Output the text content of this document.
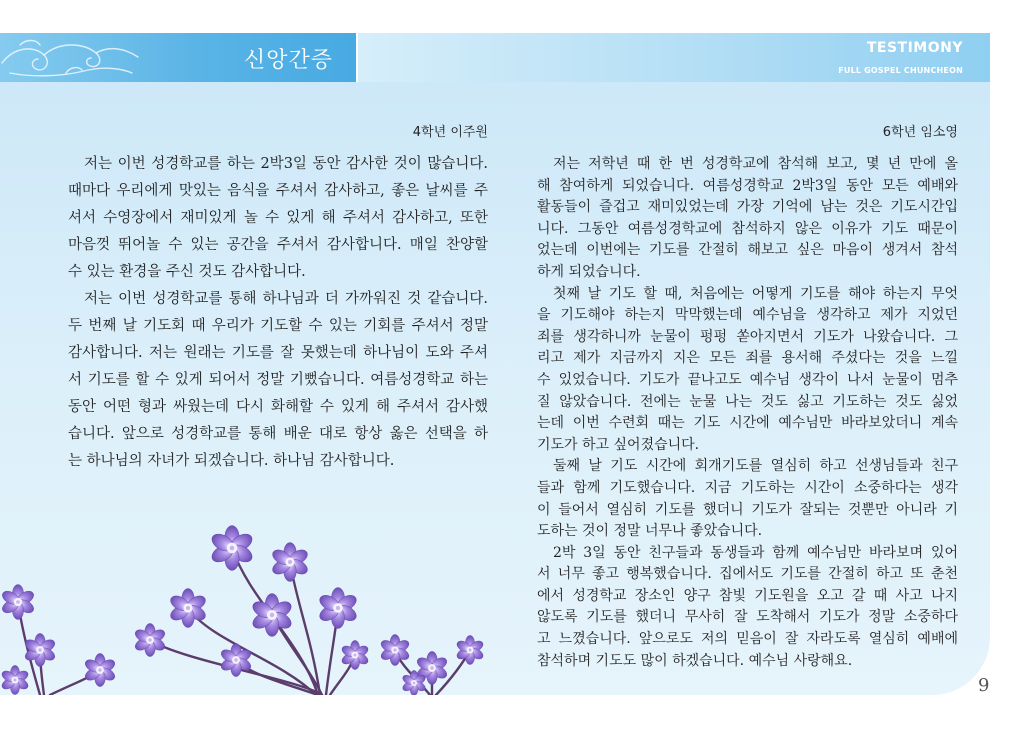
신앙간증	TESTIMONY
FULL GOSPEL CHUNCHEON
4학년 이주원	6학년 임소영
저는 이번 성경학교를 하는 2박3일 동안 감사한 것이 많습니다.
때마다 우리에게 맛있는 음식을 주셔서 감사하고, 좋은 날씨를 주
셔서 수영장에서 재미있게 놀 수 있게 해 주셔서 감사하고, 또한
마음껏 뛰어놀 수 있는 공간을 주셔서 감사합니다. 매일 찬양할
수 있는 환경을 주신 것도 감사합니다.
저는 이번 성경학교를 통해 하나님과 더 가까워진 것 같습니다.
두 번째 날 기도회 때 우리가 기도할 수 있는 기회를 주셔서 정말
감사합니다. 저는 원래는 기도를 잘 못했는데 하나님이 도와 주셔
서 기도를 할 수 있게 되어서 정말 기뻤습니다. 여름성경학교 하는
동안 어떤 형과 싸웠는데 다시 화해할 수 있게 해 주셔서 감사했
습니다. 앞으로 성경학교를 통해 배운 대로 항상 옳은 선택을 하
는 하나님의 자녀가 되겠습니다. 하나님 감사합니다.
저는 저학년 때 한 번 성경학교에 참석해 보고, 몇 년 만에 올
해 참여하게 되었습니다. 여름성경학교 2박3일 동안 모든 예배와
활동들이 즐겁고 재미있었는데 가장 기억에 남는 것은 기도시간입
니다. 그동안 여름성경학교에 참석하지 않은 이유가 기도 때문이
었는데 이번에는 기도를 간절히 해보고 싶은 마음이 생겨서 참석
하게 되었습니다.
첫째 날 기도 할 때, 처음에는 어떻게 기도를 해야 하는지 무엇
을 기도해야 하는지 막막했는데 예수님을 생각하고 제가 지었던
죄를 생각하니까 눈물이 펑펑 쏟아지면서 기도가 나왔습니다. 그
리고 제가 지금까지 지은 모든 죄를 용서해 주셨다는 것을 느낄
수 있었습니다. 기도가 끝나고도 예수님 생각이 나서 눈물이 멈추
질 않았습니다. 전에는 눈물 나는 것도 싫고 기도하는 것도 싫었
는데 이번 수련회 때는 기도 시간에 예수님만 바라보았더니 계속
기도가 하고 싶어졌습니다.
둘째 날 기도 시간에 회개기도를 열심히 하고 선생님들과 친구
들과 함께 기도했습니다. 지금 기도하는 시간이 소중하다는 생각
이 들어서 열심히 기도를 했더니 기도가 잘되는 것뿐만 아니라 기
도하는 것이 정말 너무나 좋았습니다.
2박 3일 동안 친구들과 동생들과 함께 예수님만 바라보며 있어
서 너무 좋고 행복했습니다. 집에서도 기도를 간절히 하고 또 춘천
에서 성경학교 장소인 양구 참빛 기도원을 오고 갈 때 사고 나지
않도록 기도를 했더니 무사히 잘 도착해서 기도가 정말 소중하다
고 느꼈습니다. 앞으로도 저의 믿음이 잘 자라도록 열심히 예배에
참석하며 기도도 많이 하겠습니다. 예수님 사랑해요.
9
